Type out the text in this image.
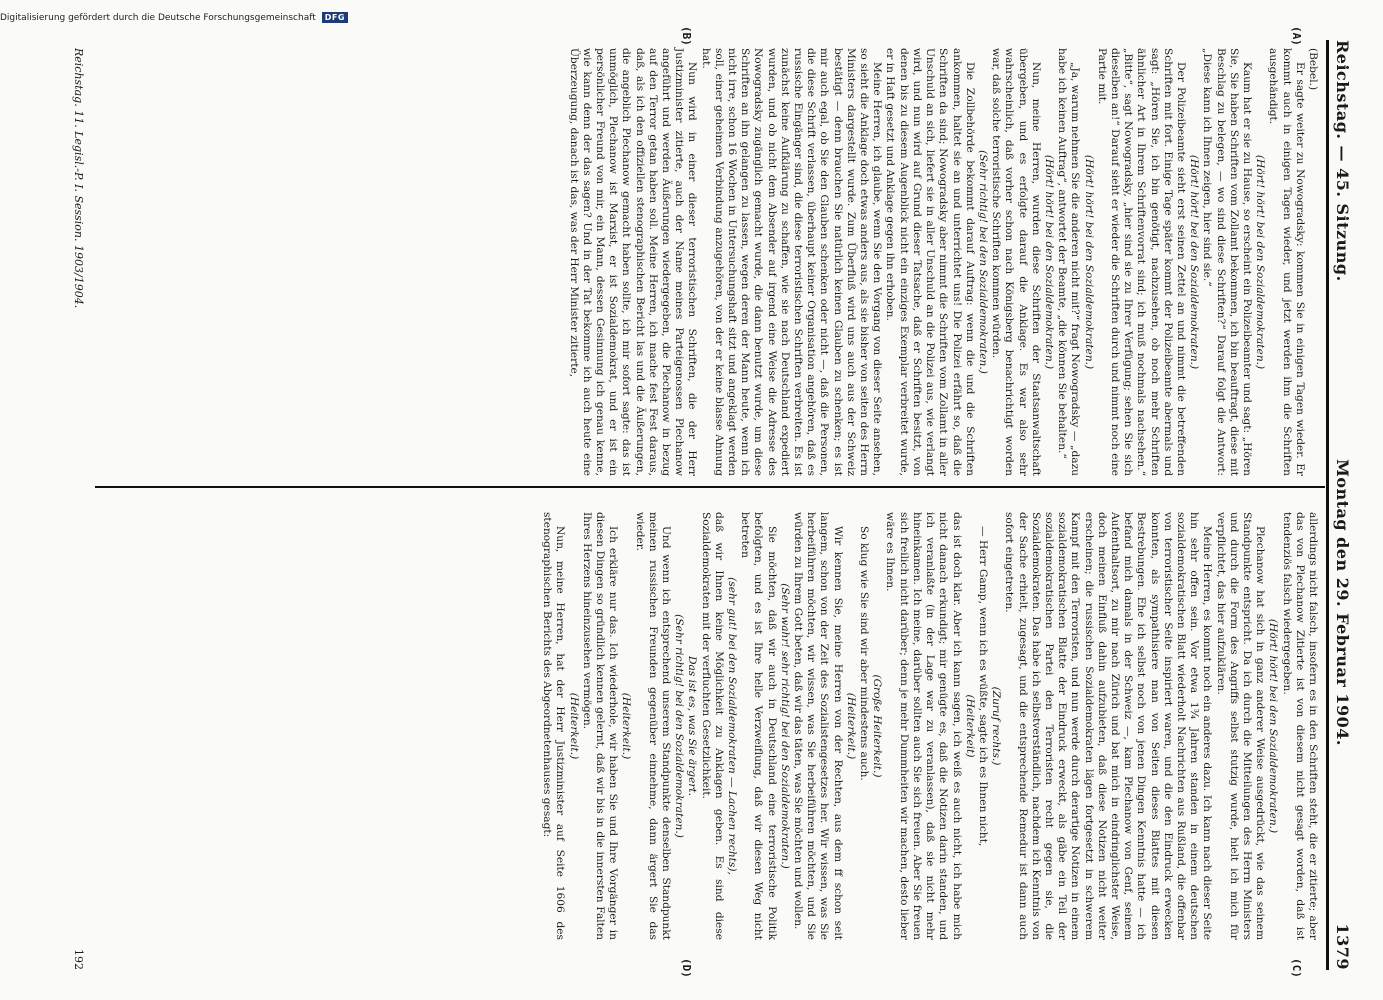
Reichstag. — 45. Sitzung.
Montag den 29. Februar 1904.
1379
(A)
(B)
(C)
(D)

(Bebel.)

Er sagte weiter zu Nowogradsky: kommen Sie in einigen Tagen wieder. Er kommt auch in einigen Tagen wieder, und jetzt werden ihm die Schriften ausgehändigt.

(Hört! hört! bei den Sozialdemokraten.)

Kaum hat er sie zu Hause, so erscheint ein Polizeibeamter und sagt: „Hören Sie, Sie haben Schriften vom Zollamt bekommen, ich bin beauftragt, diese mit Beschlag zu belegen, — wo sind diese Schriften?“ Darauf folgt die Antwort: „Diese kann ich Ihnen zeigen, hier sind sie.“

(Hört! hört! bei den Sozialdemokraten.)

Der Polizeibeamte sieht erst seinen Zettel an und nimmt die betreffenden Schriften mit fort. Einige Tage später kommt der Polizeibeamte abermals und sagt: „Hören Sie, ich bin genötigt, nachzusehen, ob noch mehr Schriften ähnlicher Art in Ihrem Schriftenvorrat sind; ich muß nochmals nachsehen.“ „Bitte“, sagt Nowogradsky, „hier sind sie zu Ihrer Verfügung; sehen Sie sich dieselben an!“ Darauf sieht er wieder die Schriften durch und nimmt noch eine Partie mit.

(Hört! hört! bei den Sozialdemokraten.)

„Ja, warum nehmen Sie die anderen nicht mit?“ fragt Nowogradsky — „dazu habe ich keinen Auftrag“, antwortet der Beamte, „die können Sie behalten.“

(Hört! hört! bei den Sozialdemokraten.)

Nun, meine Herren, wurden diese Schriften der Staatsanwaltschaft übergeben, und es erfolgte darauf die Anklage. Es war also sehr wahrscheinlich, daß vorher schon nach Königsberg benachrichtigt worden war, daß solche terroristische Schriften kommen würden.

(Sehr richtig! bei den Sozialdemokraten.)

Die Zollbehörde bekommt darauf Auftrag: wenn die und die Schriften ankommen, haltet sie an und unterrichtet uns! Die Polizei erfährt so, daß die Schriften da sind; Nowogradsky aber nimmt die Schriften vom Zollamt in aller Unschuld an sich, liefert sie in aller Unschuld an die Polizei aus, wie verlangt wird, und nun wird auf Grund dieser Tatsache, daß er Schriften besitzt, von denen bis zu diesem Augenblick nicht ein einziges Exemplar verbreitet wurde, er in Haft gesetzt und Anklage gegen ihn erhoben.

Meine Herren, ich glaube, wenn Sie den Vorgang von dieser Seite ansehen, so sieht die Anklage doch etwas anders aus, als sie bisher von seiten des Herrn Ministers dargestellt wurde. Zum Überfluß wird uns auch aus der Schweiz bestätigt — denn brauchen Sie natürlich keinen Glauben zu schenken; es ist mir auch egal, ob Sie den Glauben schenken oder nicht —, daß die Personen, die diese Schrift verlassen, überhaupt keiner Organisation angehören, daß es russische Eingänger sind, die diese terroristischen Schriften verbreiten. Es ist zunächst keine Aufklärung zu schaffen, wie sie nach Deutschland expediert wurden, und ob nicht dem Absender auf irgend eine Weise die Adresse des Nowogradsky zugänglich gemacht wurde, die dann benutzt wurde, um diese Schriften an ihn gelangen zu lassen, wegen deren der Mann heute, wenn ich nicht irre, schon 16 Wochen in Untersuchungshaft sitzt und angeklagt werden soll, einer geheimen Verbindung anzugehören, von der er keine blasse Ahnung hat.

Nun wird in einer dieser terroristischen Schriften, die der Herr Justizminister zitierte, auch der Name meines Parteigenossen Plechanow angeführt und werden Äußerungen wiedergegeben, die Plechanow in bezug auf den Terror getan haben soll. Meine Herren, ich mache fest Fest daraus, daß, als ich den offiziellen stenographischen Bericht las und die Äußerungen, die angeblich Plechanow gemacht haben sollte, ich mir sofort sagte: das ist unmöglich, Plechanow ist Marxist, er ist Sozialdemokrat, und er ist ein persönlicher Freund von mir, ein Mann, dessen Gesinnung ich genau kenne, wie kann denn der das sagen? Und in der Tat bekomme ich auch heute eine Überzeugung, danach ist das, was der Herr Minister zitierte,

allerdings nicht falsch, insofern es in den Schriften steht, die er zitierte; aber das von Plechanow Zitierte ist von diesem nicht gesagt worden, daß ist tendenziös falsch wiedergegeben.

(Hört! hört! bei den Sozialdemokraten.)

Plechanow hat sich in ganz anderer Weise ausgedrückt, wie das seinem Standpunkte entspricht. Da ich durch die Mitteilungen des Herrn Ministers und durch die Form des Angriffs selbst stutzig wurde, hielt ich mich für verpflichtet, das hier aufzuklären.

Meine Herren, es kommt noch ein anderes dazu. Ich kann nach dieser Seite hin sehr offen sein. Vor etwa 1¾ Jahren standen in einem deutschen sozialdemokratischen Blatt wiederholt Nachrichten aus Rußland, die offenbar von terroristischer Seite inspiriert waren, und die den Eindruck erwecken konnten, als sympathisiere man von Seiten dieses Blattes mit diesen Bestrebungen. Ehe ich selbst noch von jenen Dingen Kenntnis hatte — ich befand mich damals in der Schweiz —, kam Plechanow von Genf, seinem Aufenthaltsort, zu mir nach Zürich und bat mich in eindringlichster Weise, doch meinen Einfluß dahin aufzubieten, daß diese Notizen nicht weiter erscheinen; die russischen Sozialdemokraten lägen fortgesetzt in schwerem Kampf mit den Terroristen, und nun werde durch derartige Notizen in einem sozialdemokratischen Blatte der Eindruck erweckt, als gäbe ein Teil der sozialdemokratischen Partei den Terroristen recht gegen sie, die Sozialdemokraten. Das habe ich selbstverständlich, nachdem ich Kenntnis von der Sache erhielt, zugesagt, und die entsprechende Remedur ist dann auch sofort eingetreten.

(Zuruf rechts.)

— Herr Gamp, wenn ich es wüßte, sagte ich es Ihnen nicht,

(Heiterkeit)

das ist doch klar. Aber ich kann sagen, ich weiß es auch nicht, ich habe mich nicht danach erkundigt; mir genügte es, daß die Notizen darin standen, und ich veranlaßte (in der Lage war zu veranlassen), daß sie nicht mehr hineinkamen. Ich meine, darüber sollten auch Sie sich freuen. Aber Sie freuen sich freilich nicht darüber; denn je mehr Dummheiten wir machen, desto lieber wäre es Ihnen.

(Große Heiterkeit.)

So klug wie Sie sind wir aber mindestens auch.

(Heiterkeit.)

Wir kennen Sie, meine Herren von der Rechten, aus dem ff schon seit langem, schon von der Zeit des Sozialistengesetzes her. Wir wissen, was Sie herbeiführen möchten, wir wissen, was Sie herbeiführen möchten, und Sie würden zu Ihrem Gott beten, daß wir das täten, was Sie möchten und wollen.

(Sehr wahr! sehr richtig! bei den Sozialdemokraten.)

Sie möchten, daß wir auch in Deutschland eine terroristische Politik befolgten, und es ist Ihre helle Verzweiflung, daß wir diesen Weg nicht betreten

(sehr gut! bei den Sozialdemokraten — Lachen rechts),

daß wir Ihnen keine Möglichkeit zu Anklagen geben. Es sind diese Sozialdemokraten mit der verfluchten Gesetzlichkeit.

Das ist es, was Sie ärgert.

(Sehr richtig! bei den Sozialdemokraten.)

Und wenn ich entsprechend unserem Standpunkte denselben Standpunkt meinen russischen Freunden gegenüber einnehme, dann ärgert Sie das wieder.

(Heiterkeit.)

Ich erkläre nur das. Ich wiederhole, wir haben Sie und Ihre Vorgänger in diesen Dingen so gründlich kennen gelernt, daß wir bis in die innersten Falten Ihres Herzens hineinzusehen vermögen.

(Heiterkeit.)

Nun, meine Herren, hat der Herr Justizminister auf Seite 1606 des stenographischen Berichts des Abgeordnetenhauses gesagt:

Reichstag. 11. Legisl.-P. I. Session. 1903/1904.
192
Digitalisierung gefördert durch die Deutsche Forschungsgemeinschaft	DFG
